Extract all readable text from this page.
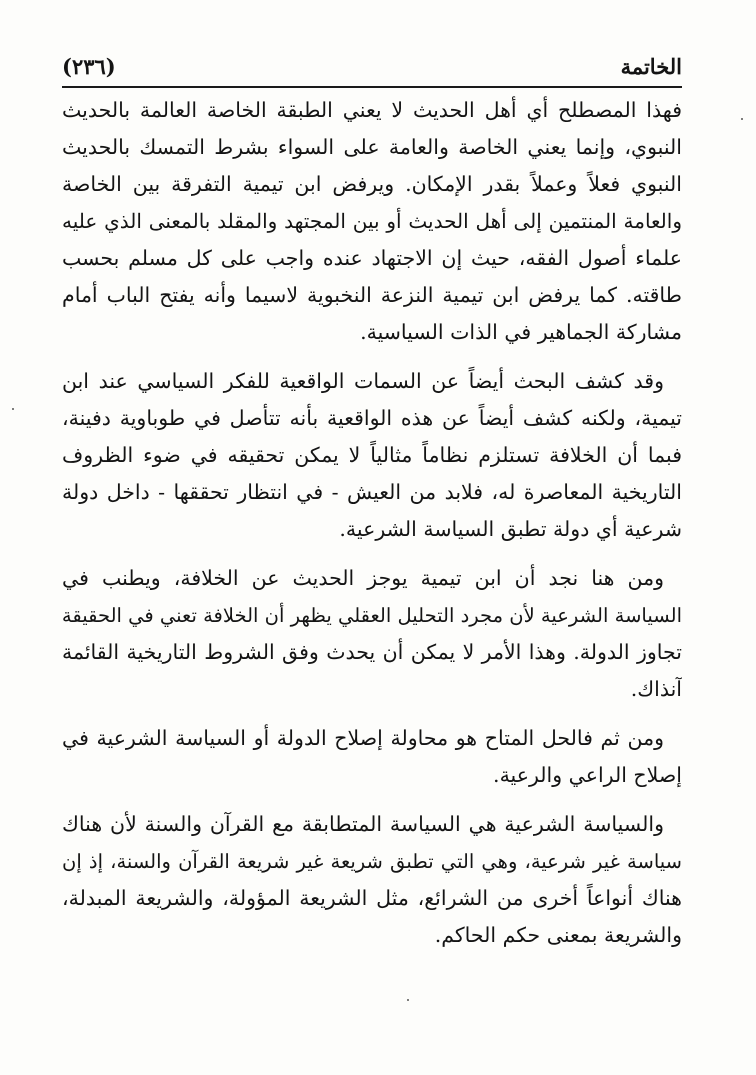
الخاتمة
(٢٣٦)
فهذا المصطلح أي أهل الحديث لا يعني الطبقة الخاصة العالمة بالحديث
النبوي، وإنما يعني الخاصة والعامة على السواء بشرط التمسك بالحديث
النبوي فعلاً وعملاً بقدر الإمكان. ويرفض ابن تيمية التفرقة بين الخاصة
والعامة المنتمين إلى أهل الحديث أو بين المجتهد والمقلد بالمعنى الذي عليه
علماء أصول الفقه، حيث إن الاجتهاد عنده واجب على كل مسلم بحسب
طاقته. كما يرفض ابن تيمية النزعة النخبوية لاسيما وأنه يفتح الباب أمام
مشاركة الجماهير في الذات السياسية.
وقد كشف البحث أيضاً عن السمات الواقعية للفكر السياسي عند ابن
تيمية، ولكنه كشف أيضاً عن هذه الواقعية بأنه تتأصل في طوباوية دفينة،
فبما أن الخلافة تستلزم نظاماً مثالياً لا يمكن تحقيقه في ضوء الظروف
التاريخية المعاصرة له، فلابد من العيش - في انتظار تحققها - داخل دولة
شرعية أي دولة تطبق السياسة الشرعية.
ومن هنا نجد أن ابن تيمية يوجز الحديث عن الخلافة، ويطنب في
السياسة الشرعية لأن مجرد التحليل العقلي يظهر أن الخلافة تعني في الحقيقة
تجاوز الدولة. وهذا الأمر لا يمكن أن يحدث وفق الشروط التاريخية القائمة
آنذاك.
ومن ثم فالحل المتاح هو محاولة إصلاح الدولة أو السياسة الشرعية في
إصلاح الراعي والرعية.
والسياسة الشرعية هي السياسة المتطابقة مع القرآن والسنة لأن هناك
سياسة غير شرعية، وهي التي تطبق شريعة غير شريعة القرآن والسنة، إذ إن
هناك أنواعاً أخرى من الشرائع، مثل الشريعة المؤولة، والشريعة المبدلة،
والشريعة بمعنى حكم الحاكم.
